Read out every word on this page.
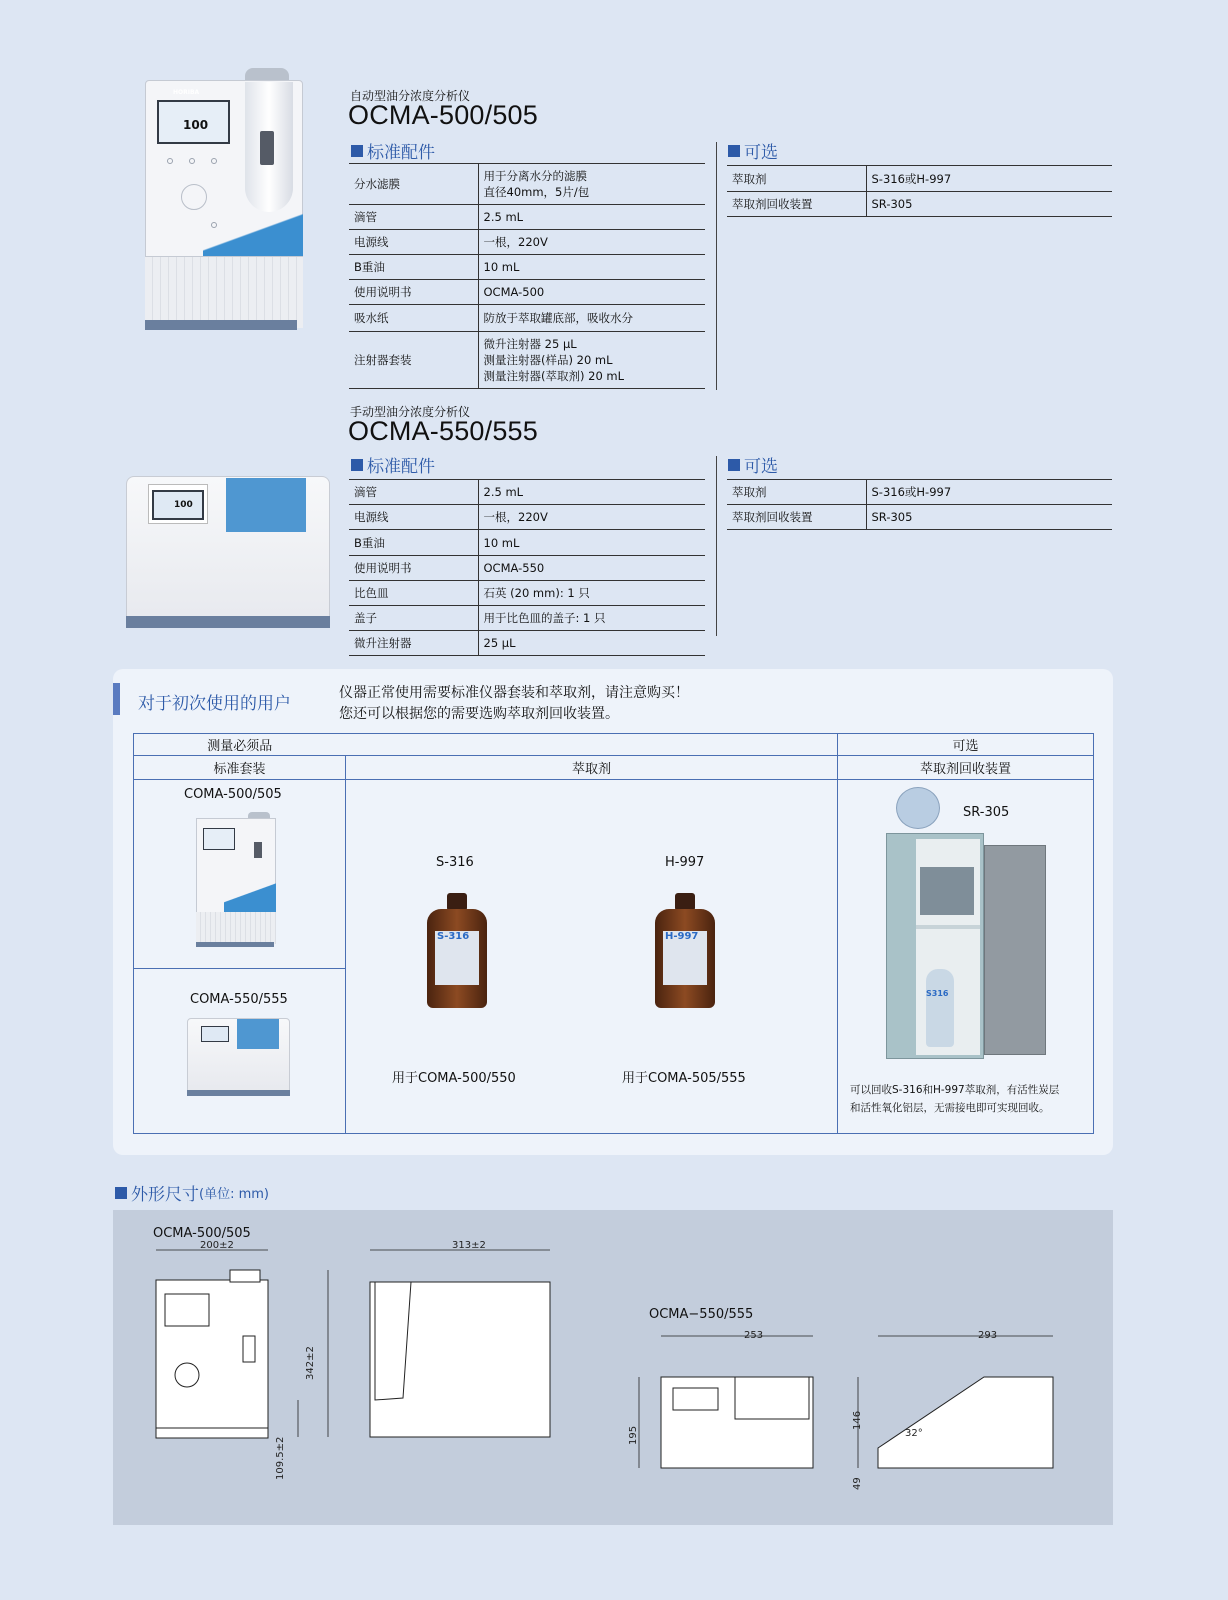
HORIBA
100
自动型油分浓度分析仪
OCMA-500/505
标准配件
分水滤膜	用于分离水分的滤膜
直径40mm，5片/包

滴管	2.5 mL
电源线	一根，220V
B重油	10 mL
使用说明书	OCMA-500
吸水纸	防放于萃取罐底部，吸收水分
注射器套装	微升注射器 25 μL
测量注射器(样品) 20 mL
测量注射器(萃取剂) 20 mL
可选
萃取剂	S-316或H-997
萃取剂回收装置	SR-305
100
手动型油分浓度分析仪
OCMA-550/555
标准配件
滴管	2.5 mL
电源线	一根，220V
B重油	10 mL
使用说明书	OCMA-550
比色皿	石英 (20 mm): 1 只
盖子	用于比色皿的盖子: 1 只
微升注射器	25 μL
可选
萃取剂	S-316或H-997
萃取剂回收装置	SR-305
对于初次使用的用户
仪器正常使用需要标准仪器套装和萃取剂，请注意购买！
您还可以根据您的需要选购萃取剂回收装置。
测量必须品		可选
标准套装	萃取剂	萃取剂回收装置

COMA-500/505
COMA-550/555
S-316
S-316
用于COMA-500/550
H-997
H-997
用于COMA-505/555
SR-305
S316
可以回收S-316和H-997萃取剂，有活性炭层
和活性氧化铝层，无需接电即可实现回收。
外形尺寸 (单位: mm)
OCMA-500/505
OCMA−550/555
200±2	313±2
342±2
109.5±2
253	293
195
146
49
32°
